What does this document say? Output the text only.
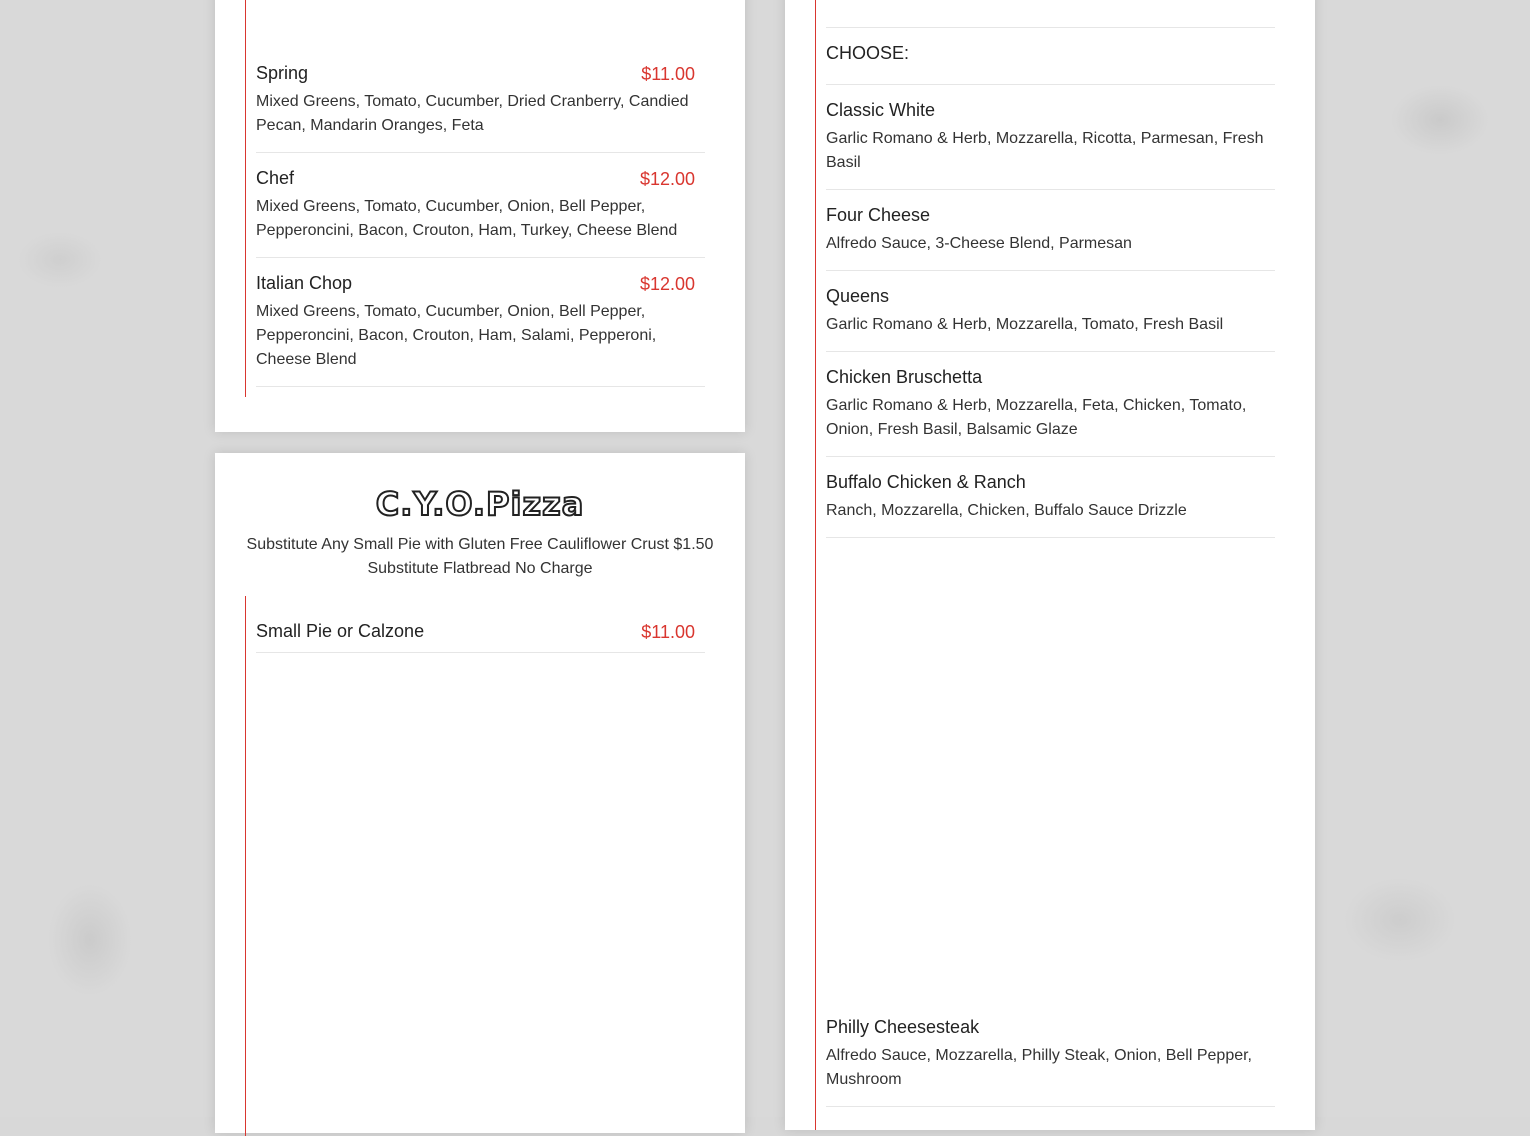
Spring	$11.00
Mixed Greens, Tomato, Cucumber, Dried Cranberry, Candied Pecan, Mandarin Oranges, Feta

Chef	$12.00
Mixed Greens, Tomato, Cucumber, Onion, Bell Pepper, Pepperoncini, Bacon, Crouton, Ham, Turkey, Cheese Blend

Italian Chop	$12.00
Mixed Greens, Tomato, Cucumber, Onion, Bell Pepper, Pepperoncini, Bacon, Crouton, Ham, Salami, Pepperoni, Cheese Blend
C.Y.O.Pizza
Substitute Any Small Pie with Gluten Free Cauliflower Crust $1.50
Substitute Flatbread No Charge

Small Pie or Calzone	$11.00

CHOOSE:

Classic White

Garlic Romano & Herb, Mozzarella, Ricotta, Parmesan, Fresh Basil

Four Cheese

Alfredo Sauce, 3-Cheese Blend, Parmesan

Queens

Garlic Romano & Herb, Mozzarella, Tomato, Fresh Basil

Chicken Bruschetta

Garlic Romano & Herb, Mozzarella, Feta, Chicken, Tomato, Onion, Fresh Basil, Balsamic Glaze

Buffalo Chicken & Ranch

Ranch, Mozzarella, Chicken, Buffalo Sauce Drizzle

Philly Cheesesteak

Alfredo Sauce, Mozzarella, Philly Steak, Onion, Bell Pepper, Mushroom
